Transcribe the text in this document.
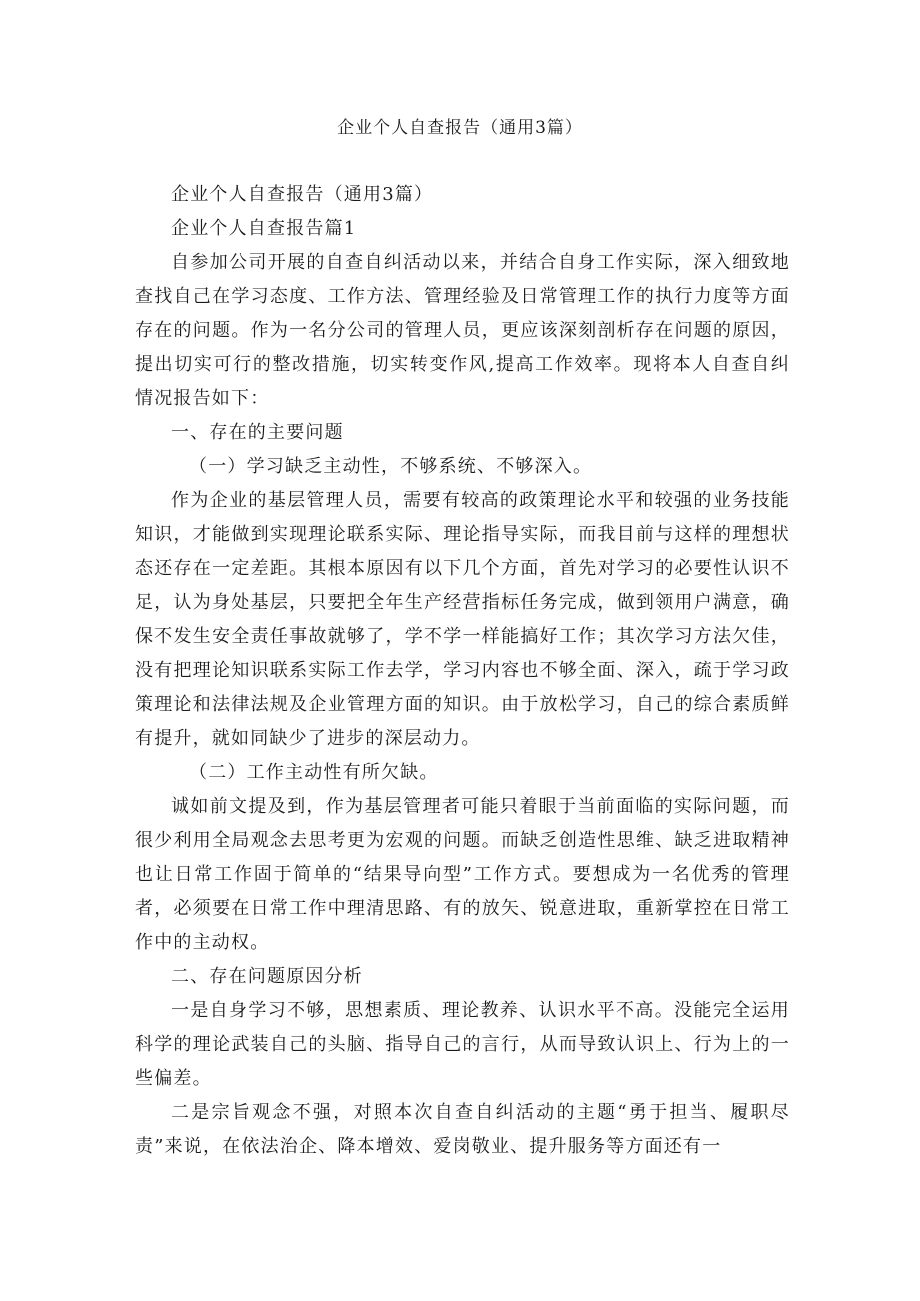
企业个人自查报告（通用3篇）

企业个人自查报告（通用3篇）

企业个人自查报告篇1

自参加公司开展的自查自纠活动以来，并结合自身工作实际，深入细致地查找自己在学习态度、工作方法、管理经验及日常管理工作的执行力度等方面存在的问题。作为一名分公司的管理人员，更应该深刻剖析存在问题的原因，提出切实可行的整改措施，切实转变作风,提高工作效率。现将本人自查自纠情况报告如下：

一、存在的主要问题

（一）学习缺乏主动性，不够系统、不够深入。

作为企业的基层管理人员，需要有较高的政策理论水平和较强的业务技能知识，才能做到实现理论联系实际、理论指导实际，而我目前与这样的理想状态还存在一定差距。其根本原因有以下几个方面，首先对学习的必要性认识不足，认为身处基层，只要把全年生产经营指标任务完成，做到领用户满意，确保不发生安全责任事故就够了，学不学一样能搞好工作；其次学习方法欠佳，没有把理论知识联系实际工作去学，学习内容也不够全面、深入，疏于学习政策理论和法律法规及企业管理方面的知识。由于放松学习，自己的综合素质鲜有提升，就如同缺少了进步的深层动力。

（二）工作主动性有所欠缺。

诚如前文提及到，作为基层管理者可能只着眼于当前面临的实际问题，而很少利用全局观念去思考更为宏观的问题。而缺乏创造性思维、缺乏进取精神也让日常工作固于简单的“结果导向型”工作方式。要想成为一名优秀的管理者，必须要在日常工作中理清思路、有的放矢、锐意进取，重新掌控在日常工作中的主动权。

二、存在问题原因分析

一是自身学习不够，思想素质、理论教养、认识水平不高。没能完全运用科学的理论武装自己的头脑、指导自己的言行，从而导致认识上、行为上的一些偏差。

二是宗旨观念不强，对照本次自查自纠活动的主题“勇于担当、履职尽责”来说，在依法治企、降本增效、爱岗敬业、提升服务等方面还有一
